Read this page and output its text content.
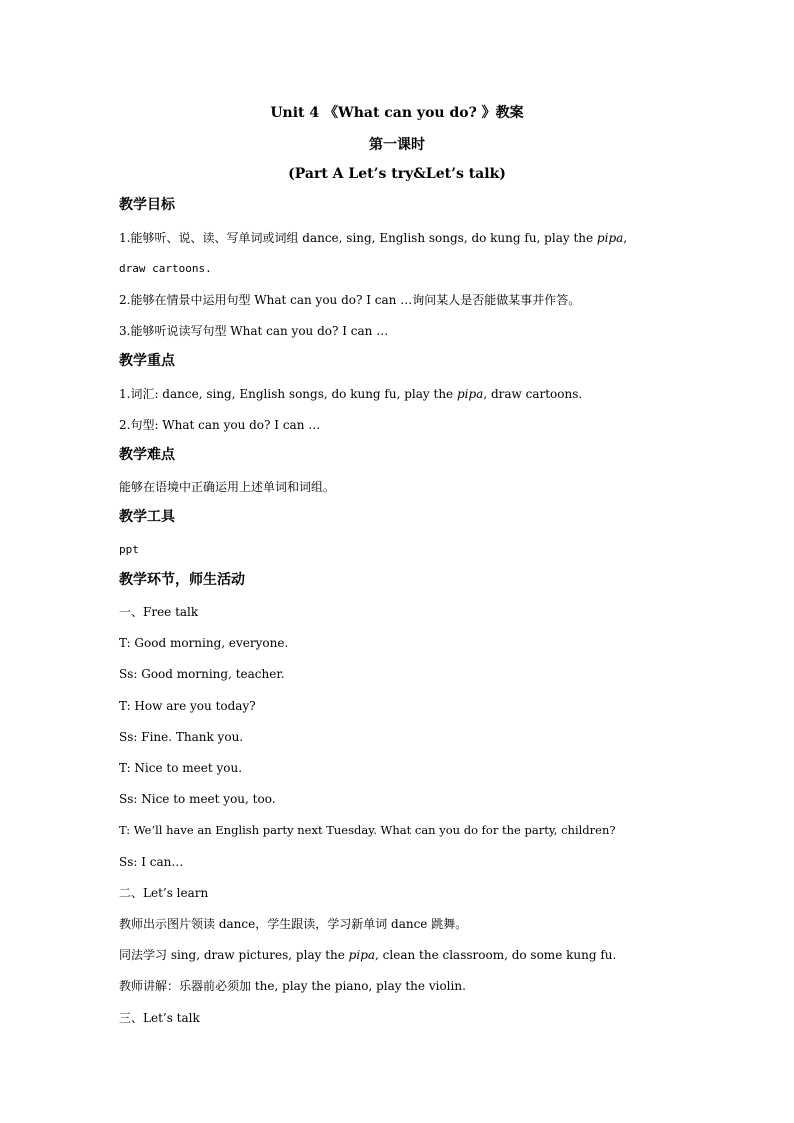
Unit 4 《What can you do? 》教案
第一课时
(Part A Let’s try&Let’s talk)
教学目标
1.能够听、说、读、写单词或词组 dance, sing, English songs, do kung fu, play the pipa,
draw cartoons.
2.能够在情景中运用句型 What can you do? I can …询问某人是否能做某事并作答。
3.能够听说读写句型 What can you do? I can …
教学重点
1.词汇: dance, sing, English songs, do kung fu, play the pipa, draw cartoons.
2.句型: What can you do? I can …
教学难点
能够在语境中正确运用上述单词和词组。
教学工具
ppt
教学环节，师生活动
一、Free talk
T: Good morning, everyone.
Ss: Good morning, teacher.
T: How are you today?
Ss: Fine. Thank you.
T: Nice to meet you.
Ss: Nice to meet you, too.
T: We’ll have an English party next Tuesday. What can you do for the party, children?
Ss: I can…
二、Let’s learn
教师出示图片领读 dance，学生跟读，学习新单词 dance 跳舞。
同法学习 sing, draw pictures, play the pipa, clean the classroom, do some kung fu.
教师讲解：乐器前必须加 the, play the piano, play the violin.
三、Let’s talk
